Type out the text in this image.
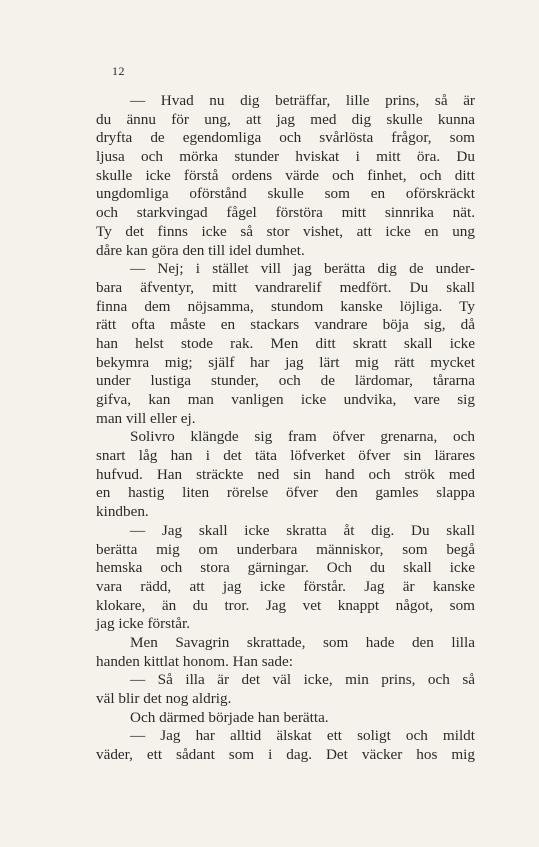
12
— Hvad nu dig beträffar, lille prins, så är
du ännu för ung, att jag med dig skulle kunna
dryfta de egendomliga och svårlösta frågor, som
ljusa och mörka stunder hviskat i mitt öra. Du
skulle icke förstå ordens värde och finhet, och ditt
ungdomliga oförstånd skulle som en oförskräckt
och starkvingad fågel förstöra mitt sinnrika nät.
Ty det finns icke så stor vishet, att icke en ung
dåre kan göra den till idel dumhet.
— Nej; i stället vill jag berätta dig de under-
bara äfventyr, mitt vandrarelif medfört. Du skall
finna dem nöjsamma, stundom kanske löjliga. Ty
rätt ofta måste en stackars vandrare böja sig, då
han helst stode rak. Men ditt skratt skall icke
bekymra mig; själf har jag lärt mig rätt mycket
under lustiga stunder, och de lärdomar, tårarna
gifva, kan man vanligen icke undvika, vare sig
man vill eller ej.
Solivro klängde sig fram öfver grenarna, och
snart låg han i det täta löfverket öfver sin lärares
hufvud. Han sträckte ned sin hand och strök med
en hastig liten rörelse öfver den gamles slappa
kindben.
— Jag skall icke skratta åt dig. Du skall
berätta mig om underbara människor, som begå
hemska och stora gärningar. Och du skall icke
vara rädd, att jag icke förstår. Jag är kanske
klokare, än du tror. Jag vet knappt något, som
jag icke förstår.
Men Savagrin skrattade, som hade den lilla
handen kittlat honom. Han sade:
— Så illa är det väl icke, min prins, och så
väl blir det nog aldrig.
Och därmed började han berätta.
— Jag har alltid älskat ett soligt och mildt
väder, ett sådant som i dag. Det väcker hos mig
